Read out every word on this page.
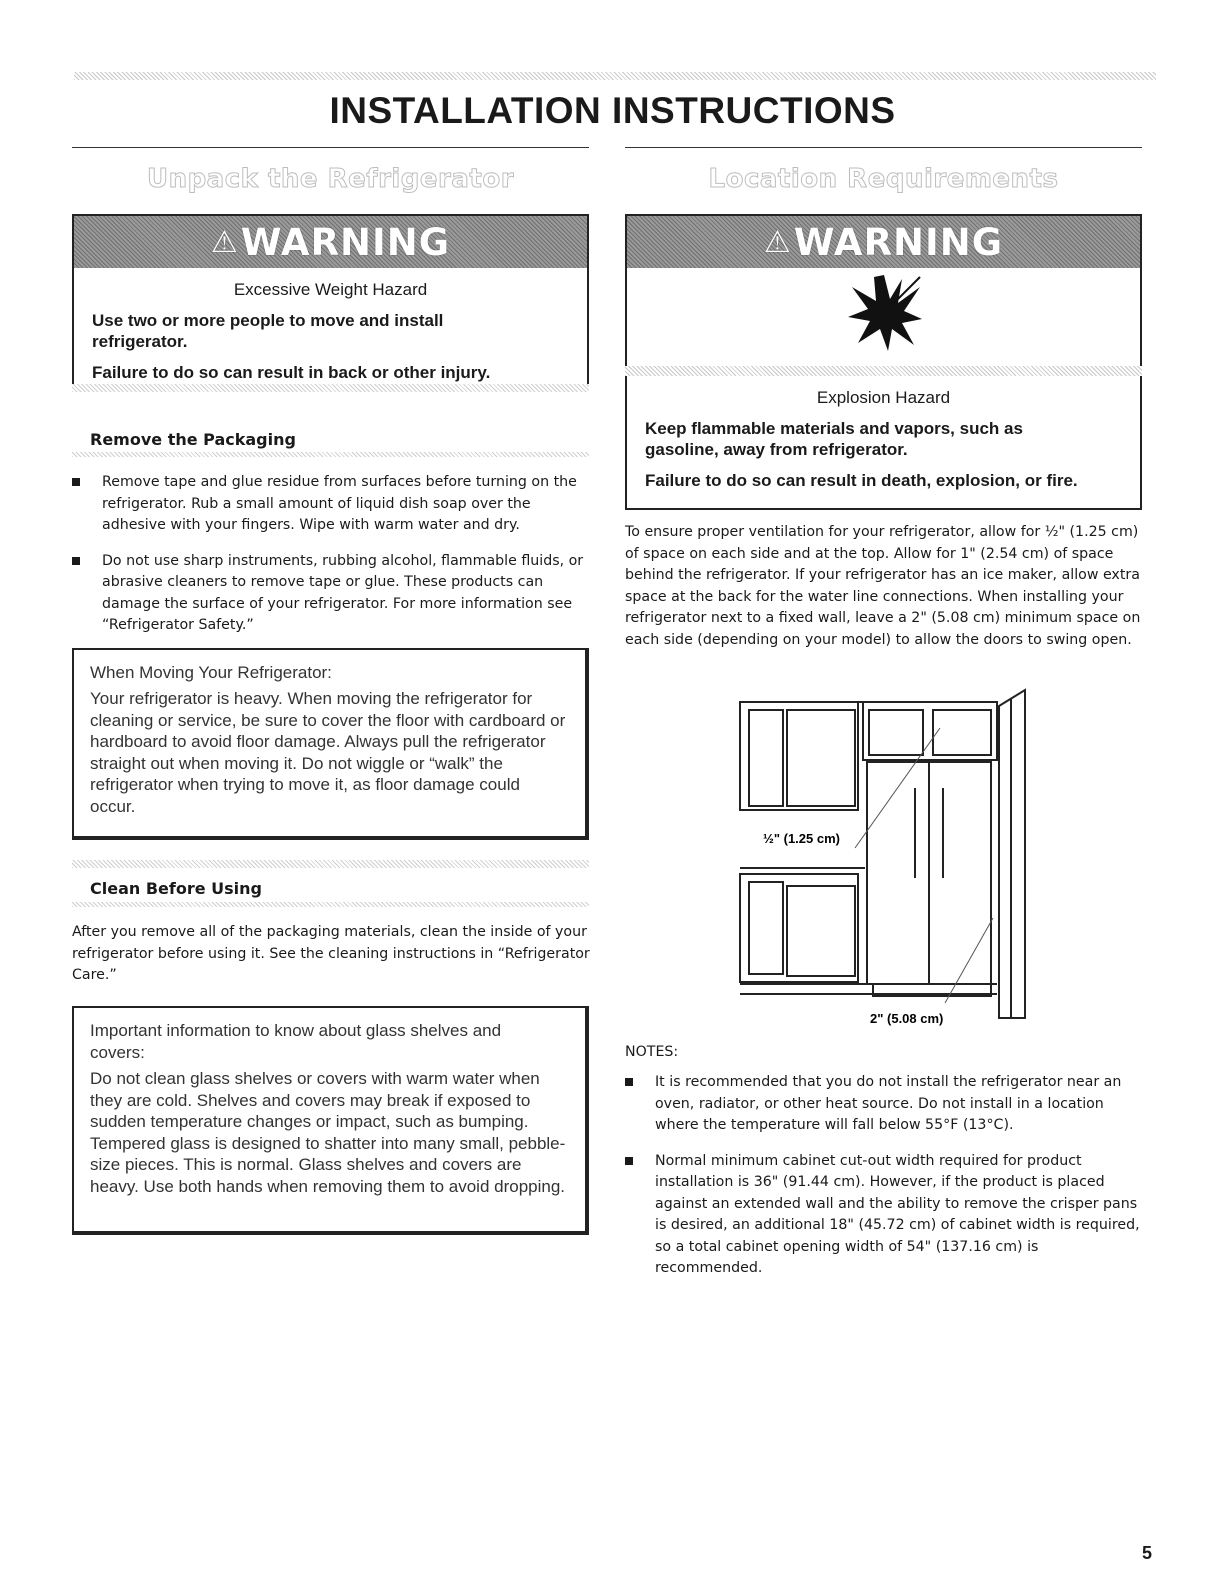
INSTALLATION INSTRUCTIONS
Unpack the Refrigerator
⚠ WARNING
Excessive Weight Hazard
Use two or more people to move and install refrigerator.
Failure to do so can result in back or other injury.
Remove the Packaging
Remove tape and glue residue from surfaces before turning on the refrigerator. Rub a small amount of liquid dish soap over the adhesive with your fingers. Wipe with warm water and dry.
Do not use sharp instruments, rubbing alcohol, flammable fluids, or abrasive cleaners to remove tape or glue. These products can damage the surface of your refrigerator. For more information see “Refrigerator Safety.”
When Moving Your Refrigerator:

Your refrigerator is heavy. When moving the refrigerator for cleaning or service, be sure to cover the floor with cardboard or hardboard to avoid floor damage. Always pull the refrigerator straight out when moving it. Do not wiggle or “walk” the refrigerator when trying to move it, as floor damage could occur.

Clean Before Using

After you remove all of the packaging materials, clean the inside of your refrigerator before using it. See the cleaning instructions in “Refrigerator Care.”

Important information to know about glass shelves and covers:

Do not clean glass shelves or covers with warm water when they are cold. Shelves and covers may break if exposed to sudden temperature changes or impact, such as bumping. Tempered glass is designed to shatter into many small, pebble-size pieces. This is normal. Glass shelves and covers are heavy. Use both hands when removing them to avoid dropping.

Location Requirements
⚠ WARNING
Explosion Hazard
Keep flammable materials and vapors, such as gasoline, away from refrigerator.
Failure to do so can result in death, explosion, or fire.

To ensure proper ventilation for your refrigerator, allow for ½" (1.25 cm) of space on each side and at the top. Allow for 1" (2.54 cm) of space behind the refrigerator. If your refrigerator has an ice maker, allow extra space at the back for the water line connections. When installing your refrigerator next to a fixed wall, leave a 2" (5.08 cm) minimum space on each side (depending on your model) to allow the doors to swing open.

½" (1.25 cm)
2" (5.08 cm)
NOTES:
It is recommended that you do not install the refrigerator near an oven, radiator, or other heat source. Do not install in a location where the temperature will fall below 55°F (13°C).
Normal minimum cabinet cut-out width required for product installation is 36" (91.44 cm). However, if the product is placed against an extended wall and the ability to remove the crisper pans is desired, an additional 18" (45.72 cm) of cabinet width is required, so a total cabinet opening width of 54" (137.16 cm) is recommended.
5
